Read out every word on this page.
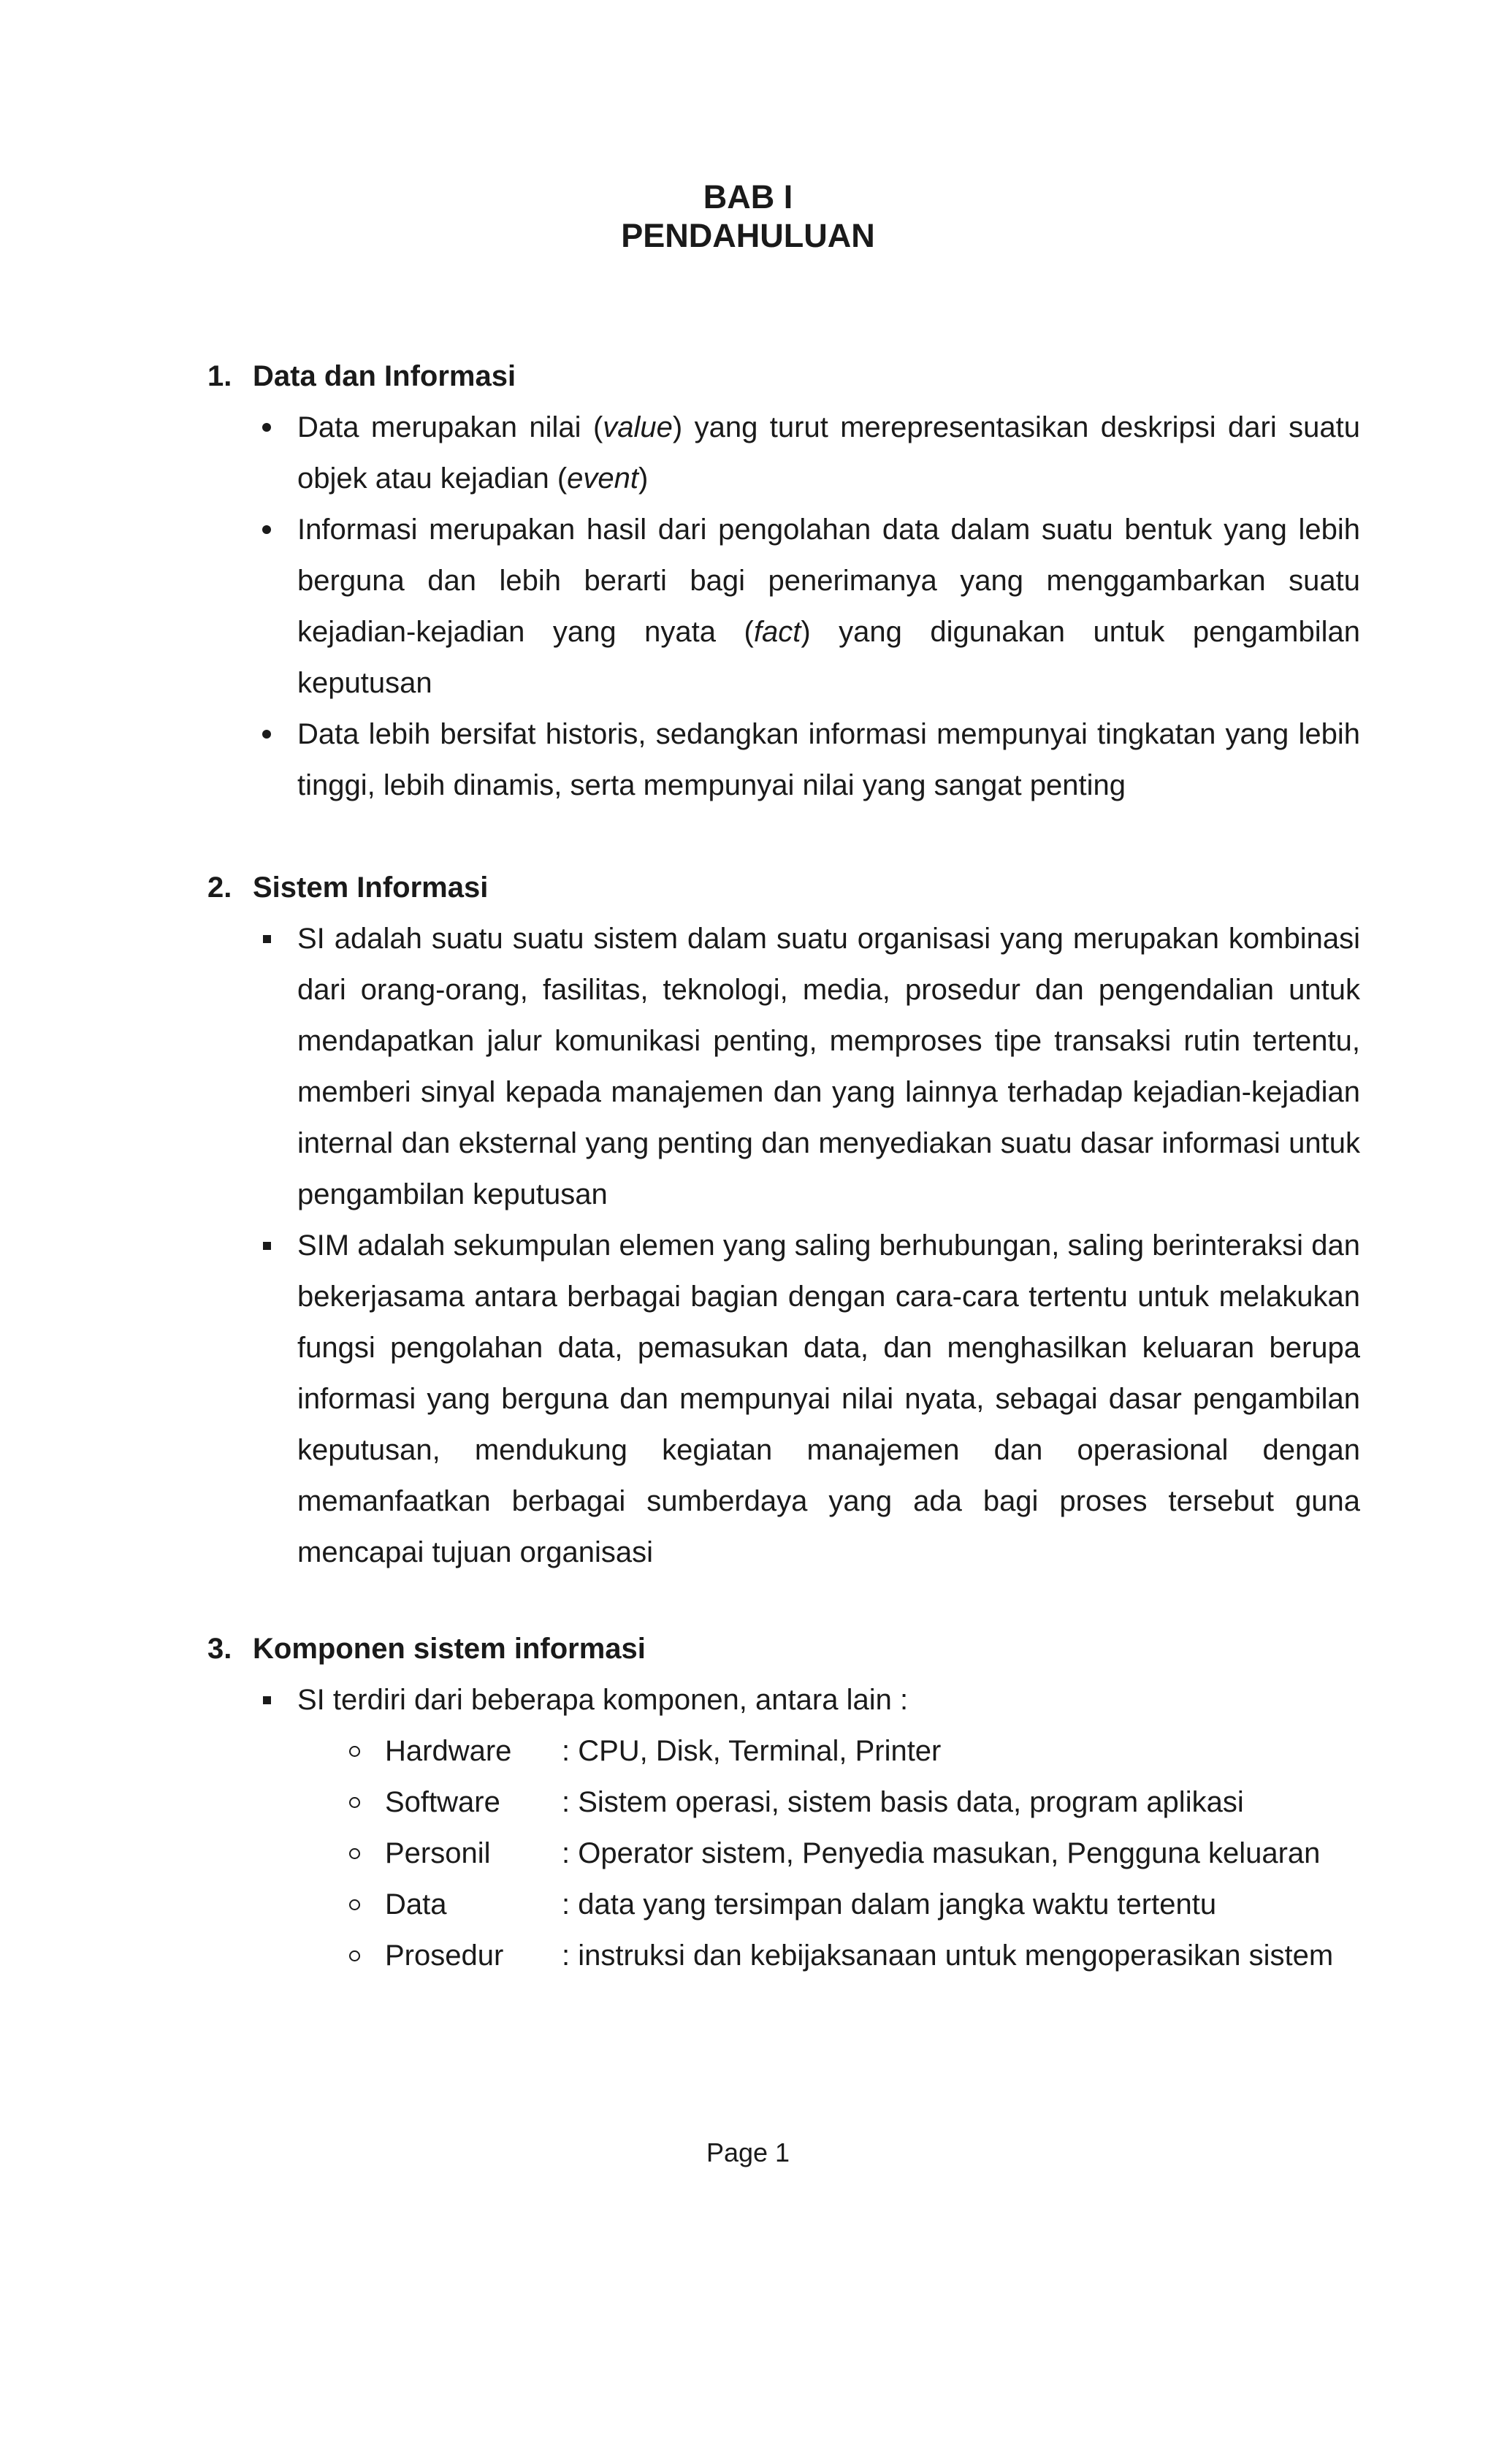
BAB I
PENDAHULUAN
1. Data dan Informasi
Data merupakan nilai (value) yang turut merepresentasikan deskripsi dari suatu objek atau kejadian (event)
Informasi merupakan hasil dari pengolahan data dalam suatu bentuk yang lebih berguna dan lebih berarti bagi penerimanya yang menggambarkan suatu kejadian-kejadian yang nyata (fact) yang digunakan untuk pengambilan keputusan
Data lebih bersifat historis, sedangkan informasi mempunyai tingkatan yang lebih tinggi, lebih dinamis, serta mempunyai nilai yang sangat penting
2. Sistem Informasi
SI adalah suatu suatu sistem dalam suatu organisasi yang merupakan kombinasi dari orang-orang, fasilitas, teknologi, media, prosedur dan pengendalian untuk mendapatkan jalur komunikasi penting, memproses tipe transaksi rutin tertentu, memberi sinyal kepada manajemen dan yang lainnya terhadap kejadian-kejadian internal dan eksternal yang penting dan menyediakan suatu dasar informasi untuk pengambilan keputusan
SIM adalah sekumpulan elemen yang saling berhubungan, saling berinteraksi dan bekerjasama antara berbagai bagian dengan cara-cara tertentu untuk melakukan fungsi pengolahan data, pemasukan data, dan menghasilkan keluaran berupa informasi yang berguna dan mempunyai nilai nyata, sebagai dasar pengambilan keputusan, mendukung kegiatan manajemen dan operasional dengan memanfaatkan berbagai sumberdaya yang ada bagi proses tersebut guna mencapai tujuan organisasi
3. Komponen sistem informasi
SI terdiri dari beberapa komponen, antara lain :
Hardware : CPU, Disk, Terminal, Printer
Software : Sistem operasi, sistem basis data, program aplikasi
Personil : Operator sistem, Penyedia masukan, Pengguna keluaran
Data	: data yang tersimpan dalam jangka waktu tertentu
Prosedur : instruksi dan kebijaksanaan untuk mengoperasikan sistem
Page 1
